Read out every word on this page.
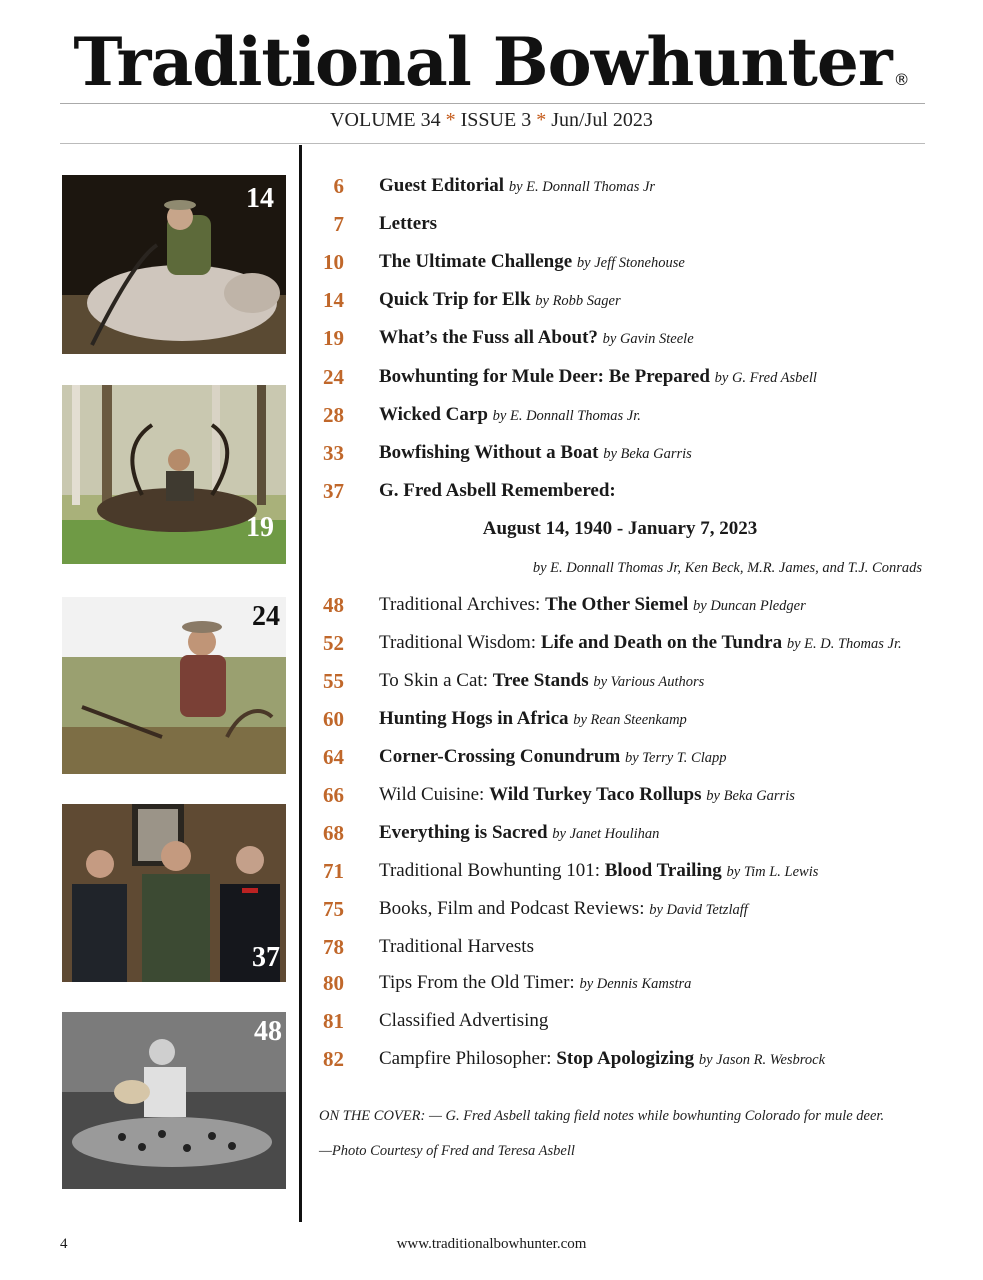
Traditional Bowhunter ®
VOLUME 34 * ISSUE 3 * Jun/Jul 2023
14
19
24
37
48
6 Guest Editorial by E. Donnall Thomas Jr
7 Letters
10 The Ultimate Challenge by Jeff Stonehouse
14 Quick Trip for Elk by Robb Sager
19 What’s the Fuss all About? by Gavin Steele
24 Bowhunting for Mule Deer: Be Prepared by G. Fred Asbell
28 Wicked Carp by E. Donnall Thomas Jr.
33 Bowfishing Without a Boat by Beka Garris
37 G. Fred Asbell Remembered:
August 14, 1940 - January 7, 2023
by E. Donnall Thomas Jr, Ken Beck, M.R. James, and T.J. Conrads
48 Traditional Archives: The Other Siemel by Duncan Pledger
52 Traditional Wisdom: Life and Death on the Tundra by E. D. Thomas Jr.
55 To Skin a Cat: Tree Stands by Various Authors
60 Hunting Hogs in Africa by Rean Steenkamp
64 Corner-Crossing Conundrum by Terry T. Clapp
66 Wild Cuisine: Wild Turkey Taco Rollups by Beka Garris
68 Everything is Sacred by Janet Houlihan
71 Traditional Bowhunting 101: Blood Trailing by Tim L. Lewis
75 Books, Film and Podcast Reviews: by David Tetzlaff
78 Traditional Harvests
80 Tips From the Old Timer: by Dennis Kamstra
81 Classified Advertising
82 Campfire Philosopher: Stop Apologizing by Jason R. Wesbrock
ON THE COVER: — G. Fred Asbell taking field notes while bowhunting Colorado for mule deer.
—Photo Courtesy of Fred and Teresa Asbell
4	www.traditionalbowhunter.com
